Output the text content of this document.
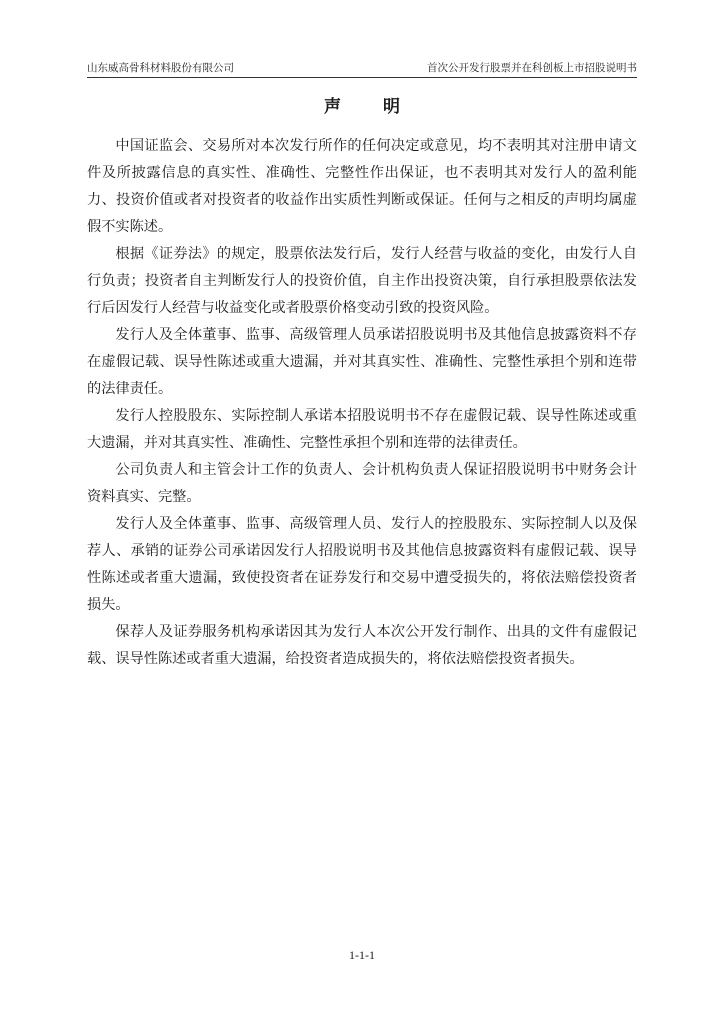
山东威高骨科材料股份有限公司	首次公开发行股票并在科创板上市招股说明书
声 明

中国证监会、交易所对本次发行所作的任何决定或意见，均不表明其对注册申请文件及所披露信息的真实性、准确性、完整性作出保证，也不表明其对发行人的盈利能力、投资价值或者对投资者的收益作出实质性判断或保证。任何与之相反的声明均属虚假不实陈述。

根据《证券法》的规定，股票依法发行后，发行人经营与收益的变化，由发行人自行负责；投资者自主判断发行人的投资价值，自主作出投资决策，自行承担股票依法发行后因发行人经营与收益变化或者股票价格变动引致的投资风险。

发行人及全体董事、监事、高级管理人员承诺招股说明书及其他信息披露资料不存在虚假记载、误导性陈述或重大遗漏，并对其真实性、准确性、完整性承担个别和连带的法律责任。

发行人控股股东、实际控制人承诺本招股说明书不存在虚假记载、误导性陈述或重大遗漏，并对其真实性、准确性、完整性承担个别和连带的法律责任。

公司负责人和主管会计工作的负责人、会计机构负责人保证招股说明书中财务会计资料真实、完整。

发行人及全体董事、监事、高级管理人员、发行人的控股股东、实际控制人以及保荐人、承销的证券公司承诺因发行人招股说明书及其他信息披露资料有虚假记载、误导性陈述或者重大遗漏，致使投资者在证券发行和交易中遭受损失的，将依法赔偿投资者损失。

保荐人及证券服务机构承诺因其为发行人本次公开发行制作、出具的文件有虚假记载、误导性陈述或者重大遗漏，给投资者造成损失的，将依法赔偿投资者损失。

1-1-1
